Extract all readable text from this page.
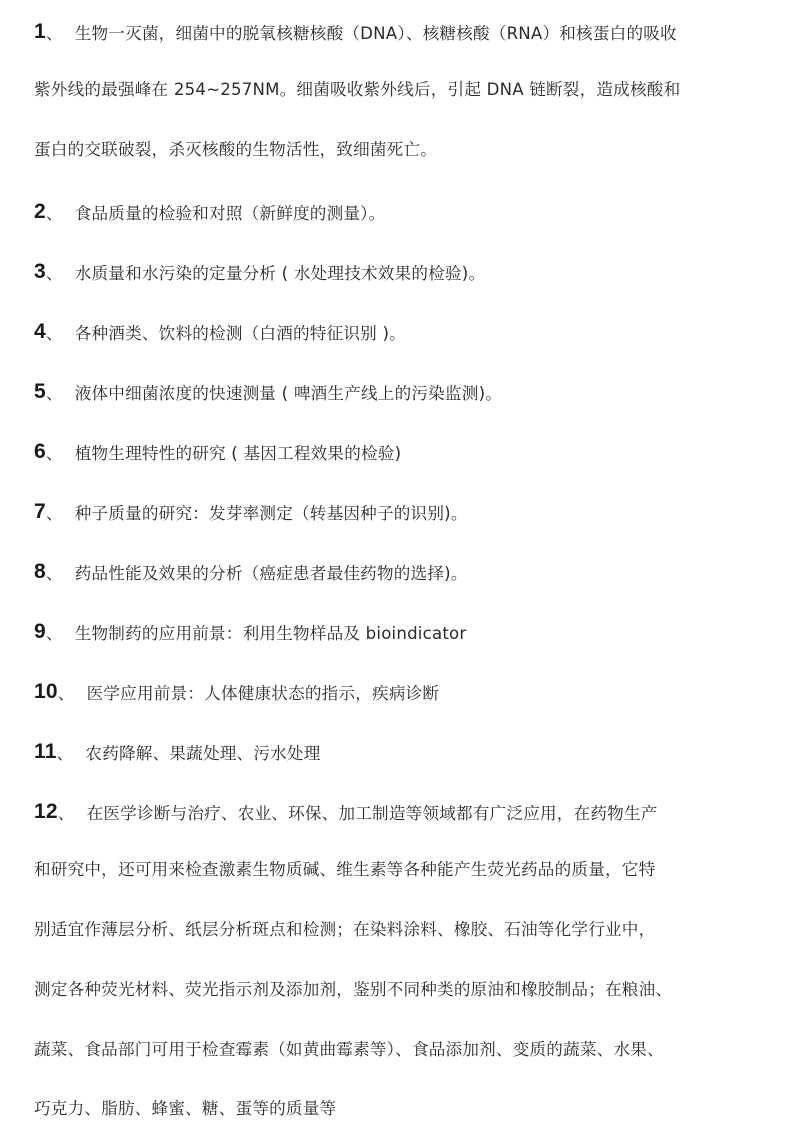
1 、 生物一灭菌，细菌中的脱氧核糖核酸（DNA）、核糖核酸（RNA）和核蛋白的吸收
紫外线的最强峰在 254~257NM。细菌吸收紫外线后，引起 DNA 链断裂，造成核酸和
蛋白的交联破裂，杀灭核酸的生物活性，致细菌死亡。
2 、 食品质量的检验和对照（新鲜度的测量）。
3 、 水质量和水污染的定量分析 ( 水处理技术效果的检验)。
4 、 各种酒类、饮料的检测（白酒的特征识别 )。
5 、 液体中细菌浓度的快速测量 ( 啤酒生产线上的污染监测)。
6 、 植物生理特性的研究 ( 基因工程效果的检验)
7 、 种子质量的研究：发芽率测定（转基因种子的识别)。
8 、 药品性能及效果的分析（癌症患者最佳药物的选择)。
9 、 生物制药的应用前景：利用生物样品及 bioindicator
10 、 医学应用前景：人体健康状态的指示，疾病诊断
11 、 农药降解、果蔬处理、污水处理
12 、 在医学诊断与治疗、农业、环保、加工制造等领域都有广泛应用，在药物生产
和研究中，还可用来检查激素生物质碱、维生素等各种能产生荧光药品的质量，它特
别适宜作薄层分析、纸层分析斑点和检测；在染料涂料、橡胶、石油等化学行业中，
测定各种荧光材料、荧光指示剂及添加剂，鉴别不同种类的原油和橡胶制品；在粮油、
蔬菜、食品部门可用于检查霉素（如黄曲霉素等）、食品添加剂、变质的蔬菜、水果、
巧克力、脂肪、蜂蜜、糖、蛋等的质量等
